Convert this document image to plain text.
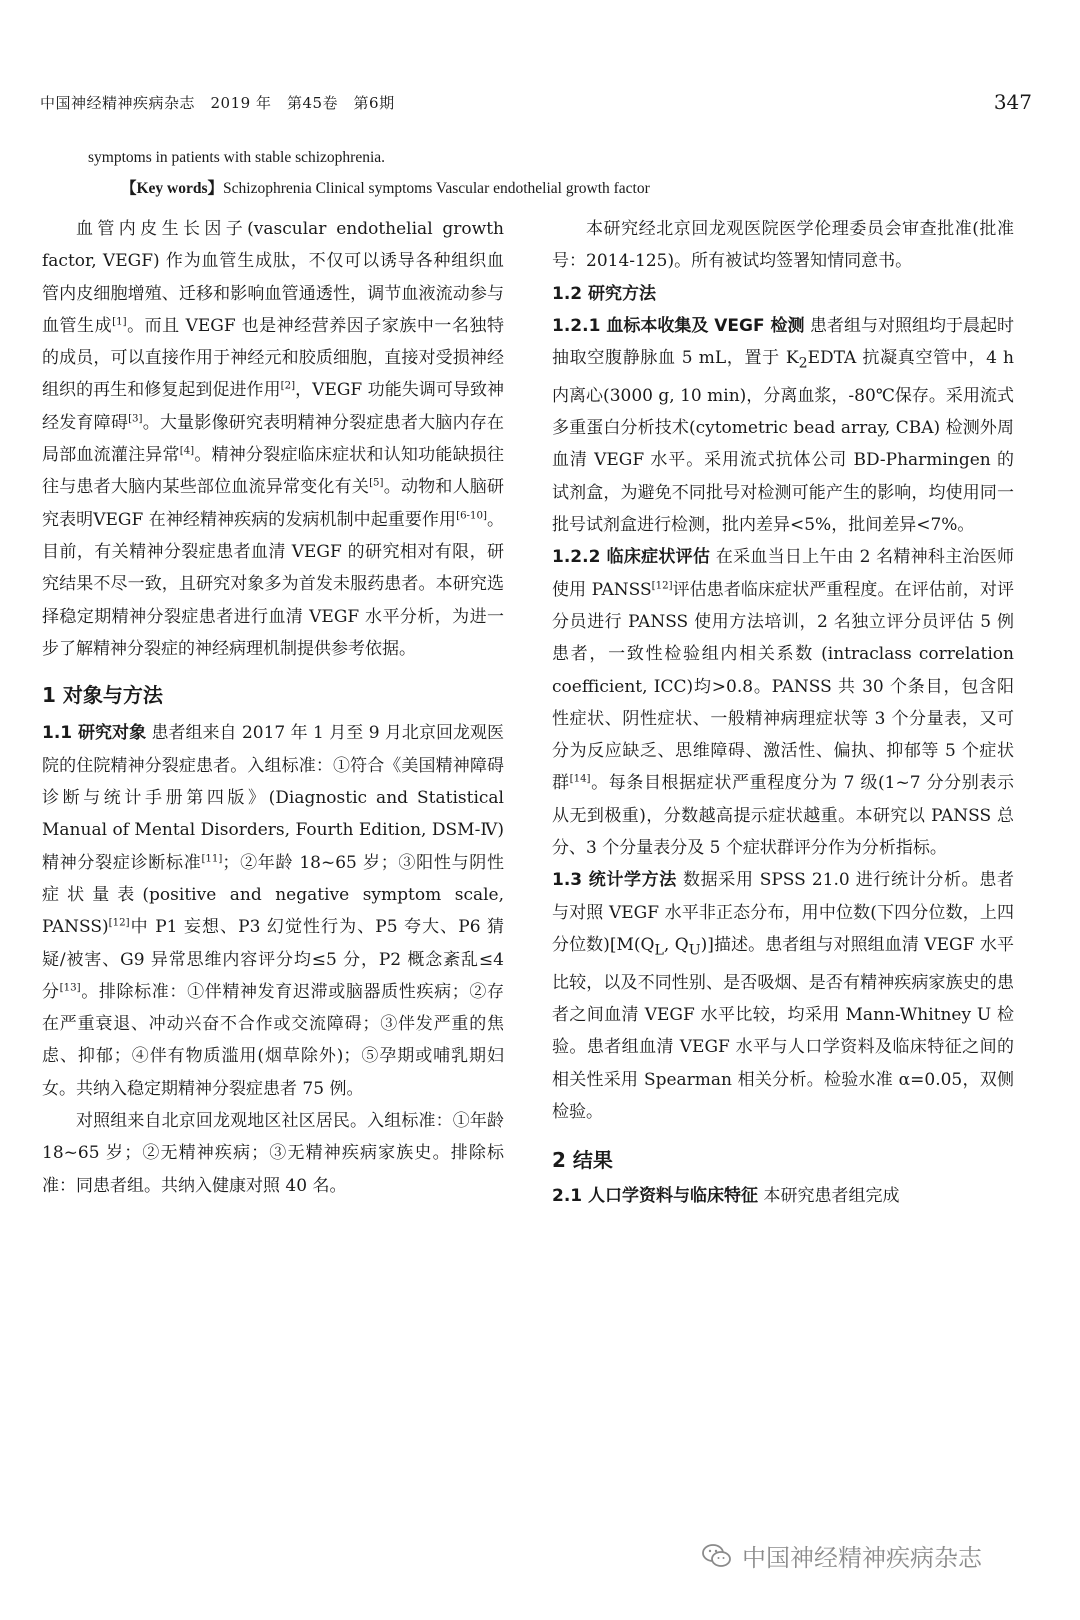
中国神经精神疾病杂志　2019 年　第45卷　第6期	347
symptoms in patients with stable schizophrenia.
【Key words】Schizophrenia Clinical symptoms Vascular endothelial growth factor

血管内皮生长因子(vascular endothelial growth factor, VEGF) 作为血管生成肽，不仅可以诱导各种组织血管内皮细胞增殖、迁移和影响血管通透性，调节血液流动参与血管生成[1]。而且 VEGF 也是神经营养因子家族中一名独特的成员，可以直接作用于神经元和胶质细胞，直接对受损神经组织的再生和修复起到促进作用[2]，VEGF 功能失调可导致神经发育障碍[3]。大量影像研究表明精神分裂症患者大脑内存在局部血流灌注异常[4]。精神分裂症临床症状和认知功能缺损往往与患者大脑内某些部位血流异常变化有关[5]。动物和人脑研究表明VEGF 在神经精神疾病的发病机制中起重要作用[6-10]。目前，有关精神分裂症患者血清 VEGF 的研究相对有限，研究结果不尽一致，且研究对象多为首发未服药患者。本研究选择稳定期精神分裂症患者进行血清 VEGF 水平分析，为进一步了解精神分裂症的神经病理机制提供参考依据。

1 对象与方法

1.1 研究对象 患者组来自 2017 年 1 月至 9 月北京回龙观医院的住院精神分裂症患者。入组标准：①符合《美国精神障碍诊断与统计手册第四版》(Diagnostic and Statistical Manual of Mental Disorders, Fourth Edition, DSM-Ⅳ) 精神分裂症诊断标准[11]；②年龄 18~65 岁；③阳性与阴性症状量表(positive and negative symptom scale, PANSS)[12]中 P1 妄想、P3 幻觉性行为、P5 夸大、P6 猜疑/被害、G9 异常思维内容评分均≤5 分，P2 概念紊乱≤4 分[13]。排除标准：①伴精神发育迟滞或脑器质性疾病；②存在严重衰退、冲动兴奋不合作或交流障碍；③伴发严重的焦虑、抑郁；④伴有物质滥用(烟草除外)；⑤孕期或哺乳期妇女。共纳入稳定期精神分裂症患者 75 例。

对照组来自北京回龙观地区社区居民。入组标准：①年龄 18~65 岁；②无精神疾病；③无精神疾病家族史。排除标准：同患者组。共纳入健康对照 40 名。

本研究经北京回龙观医院医学伦理委员会审查批准(批准号：2014-125)。所有被试均签署知情同意书。

1.2 研究方法

1.2.1 血标本收集及 VEGF 检测 患者组与对照组均于晨起时抽取空腹静脉血 5 mL，置于 $K_2EDTA$ 抗凝真空管中，4 h 内离心(3000 g, 10 min)，分离血浆，-80℃保存。采用流式多重蛋白分析技术(cytometric bead array, CBA) 检测外周血清 VEGF 水平。采用流式抗体公司 BD-Pharmingen 的试剂盒，为避免不同批号对检测可能产生的影响，均使用同一批号试剂盒进行检测，批内差异<5%，批间差异<7%。

1.2.2 临床症状评估 在采血当日上午由 2 名精神科主治医师使用 PANSS[12]评估患者临床症状严重程度。在评估前，对评分员进行 PANSS 使用方法培训，2 名独立评分员评估 5 例患者，一致性检验组内相关系数 (intraclass correlation coefficient, ICC)均>0.8。PANSS 共 30 个条目，包含阳性症状、阴性症状、一般精神病理症状等 3 个分量表，又可分为反应缺乏、思维障碍、激活性、偏执、抑郁等 5 个症状群[14]。每条目根据症状严重程度分为 7 级(1~7 分分别表示从无到极重)，分数越高提示症状越重。本研究以 PANSS 总分、3 个分量表分及 5 个症状群评分作为分析指标。

1.3 统计学方法 数据采用 SPSS 21.0 进行统计分析。患者与对照 VEGF 水平非正态分布，用中位数(下四分位数，上四分位数)[$M(Q_L$, $Q_U$)]描述。患者组与对照组血清 VEGF 水平比较，以及不同性别、是否吸烟、是否有精神疾病家族史的患者之间血清 VEGF 水平比较，均采用 Mann-Whitney U 检验。患者组血清 VEGF 水平与人口学资料及临床特征之间的相关性采用 Spearman 相关分析。检验水准 α=0.05，双侧检验。

2 结果

2.1 人口学资料与临床特征 本研究患者组完成

中国神经精神疾病杂志
